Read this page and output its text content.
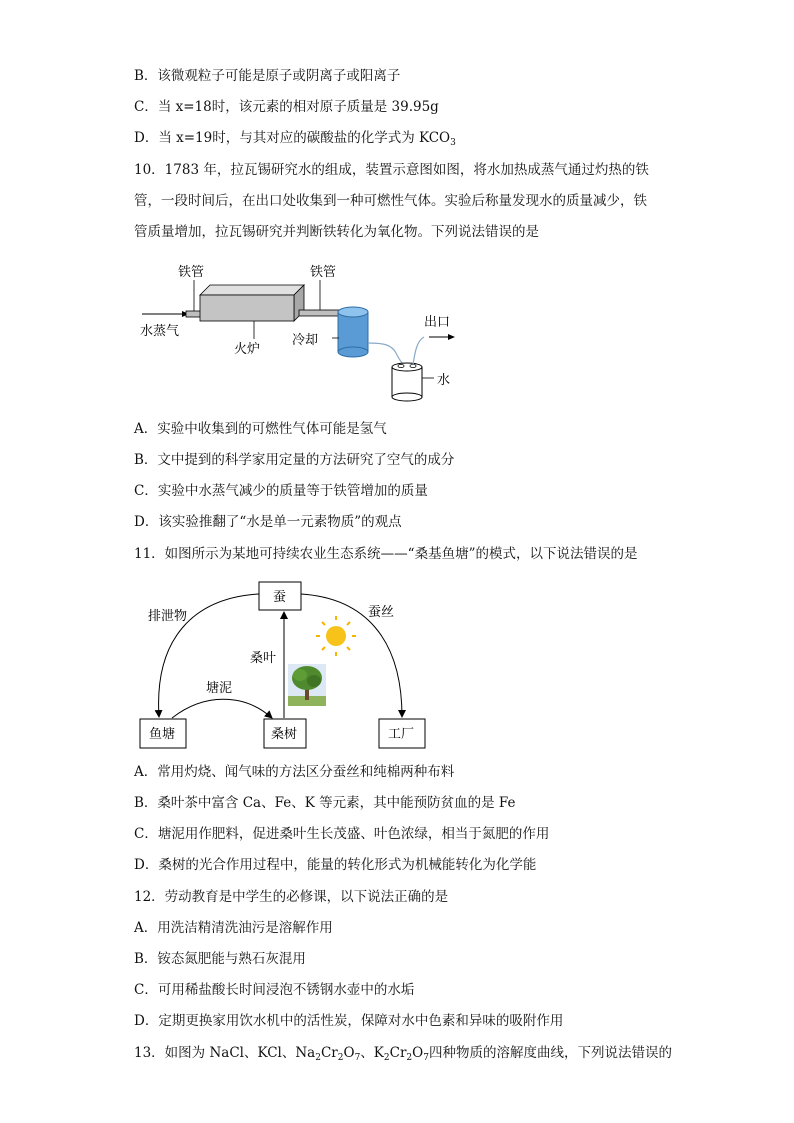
B．该微观粒子可能是原子或阴离子或阳离子
C．当 x=18时，该元素的相对原子质量是 39.95g
D．当 x=19时，与其对应的碳酸盐的化学式为 $KCO_3$
10．1783 年，拉瓦锡研究水的组成，装置示意图如图，将水加热成蒸气通过灼热的铁
管，一段时间后，在出口处收集到一种可燃性气体。实验后称量发现水的质量减少，铁
管质量增加，拉瓦锡研究并判断铁转化为氧化物。下列说法错误的是
铁管	铁管
水蒸气
火炉
冷却
出口
水
A．实验中收集到的可燃性气体可能是氢气
B．文中提到的科学家用定量的方法研究了空气的成分
C．实验中水蒸气减少的质量等于铁管增加的质量
D．该实验推翻了“水是单一元素物质”的观点
11．如图所示为某地可持续农业生态系统——“桑基鱼塘”的模式，以下说法错误的是
蚕
排泄物	蚕丝
桑叶
塘泥
鱼塘	桑树	工厂
A．常用灼烧、闻气味的方法区分蚕丝和纯棉两种布料
B．桑叶茶中富含 Ca、Fe、K 等元素，其中能预防贫血的是 Fe
C．塘泥用作肥料，促进桑叶生长茂盛、叶色浓绿，相当于氮肥的作用
D．桑树的光合作用过程中，能量的转化形式为机械能转化为化学能
12．劳动教育是中学生的必修课，以下说法正确的是
A．用洗洁精清洗油污是溶解作用
B．铵态氮肥能与熟石灰混用
C．可用稀盐酸长时间浸泡不锈钢水壶中的水垢
D．定期更换家用饮水机中的活性炭，保障对水中色素和异味的吸附作用
13．如图为 NaCl、KCl、$Na_2Cr_2O_7$、$K_2Cr_2O_7$四种物质的溶解度曲线，下列说法错误的
